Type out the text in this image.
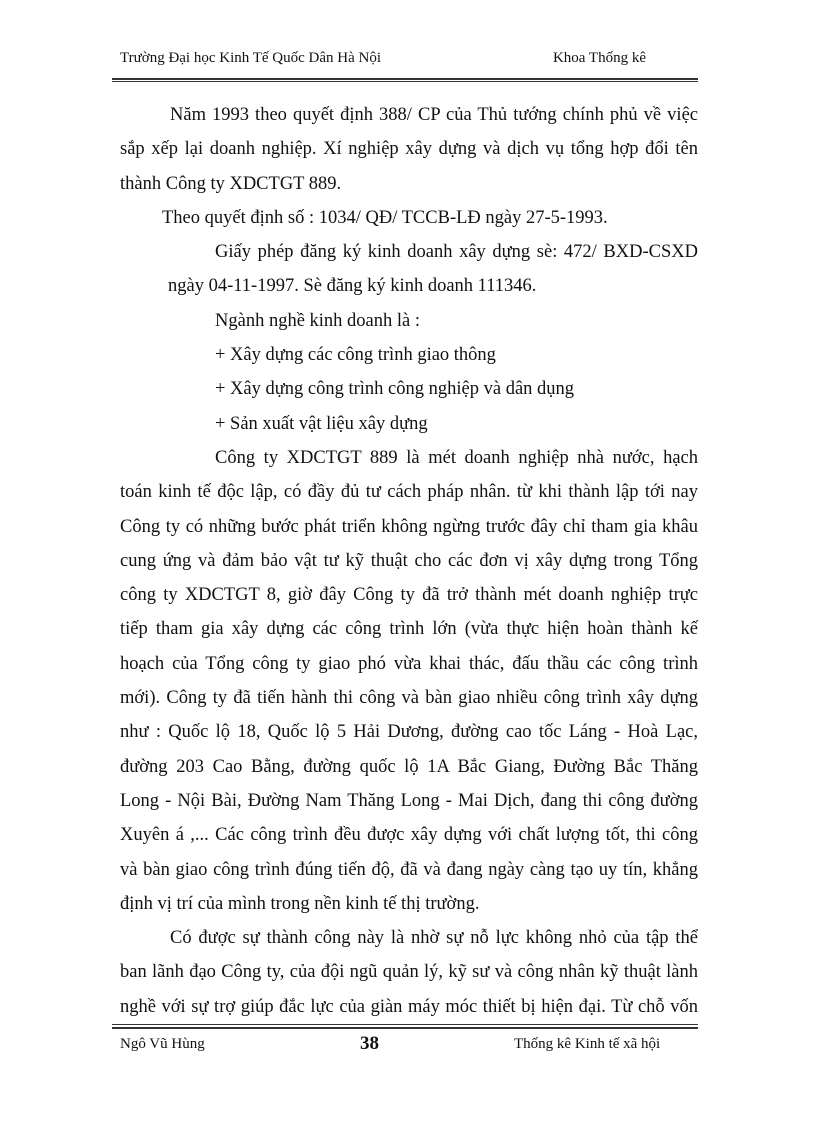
Trường Đại học Kinh Tế Quốc Dân Hà Nội	Khoa Thống kê

Năm 1993 theo quyết định 388/ CP của Thủ tướng chính phủ về việc

sắp xếp lại doanh nghiệp. Xí nghiệp xây dựng và dịch vụ tổng hợp đổi tên

thành Công ty XDCTGT 889.

Theo quyết định số : 1034/ QĐ/ TCCB-LĐ ngày 27-5-1993.

Giấy phép đăng ký kinh doanh xây dựng sè: 472/ BXD-CSXD

ngày 04-11-1997. Sè đăng ký kinh doanh 111346.

Ngành nghề kinh doanh là :

+ Xây dựng các công trình giao thông

+ Xây dựng công trình công nghiệp và dân dụng

+ Sản xuất vật liệu xây dựng

Công ty XDCTGT 889 là mét doanh nghiệp nhà nước, hạch

toán kinh tế độc lập, có đầy đủ tư cách pháp nhân. từ khi thành lập tới nay

Công ty có những bước phát triển không ngừng trước đây chỉ tham gia khâu

cung ứng và đảm bảo vật tư kỹ thuật cho các đơn vị xây dựng trong Tổng

công ty XDCTGT 8, giờ đây Công ty đã trở thành mét doanh nghiệp trực

tiếp tham gia xây dựng các công trình lớn (vừa thực hiện hoàn thành kế

hoạch của Tổng công ty giao phó vừa khai thác, đấu thầu các công trình

mới). Công ty đã tiến hành thi công và bàn giao nhiều công trình xây dựng

như : Quốc lộ 18, Quốc lộ 5 Hải Dương, đường cao tốc Láng - Hoà Lạc,

đường 203 Cao Bằng, đường quốc lộ 1A Bắc Giang, Đường Bắc Thăng

Long - Nội Bài, Đường Nam Thăng Long - Mai Dịch, đang thi công đường

Xuyên á ,... Các công trình đều được xây dựng với chất lượng tốt, thi công

và bàn giao công trình đúng tiến độ, đã và đang ngày càng tạo uy tín, khẳng

định vị trí của mình trong nền kinh tế thị trường.

Có được sự thành công này là nhờ sự nỗ lực không nhỏ của tập thể

ban lãnh đạo Công ty, của đội ngũ quản lý, kỹ sư và công nhân kỹ thuật lành

nghề với sự trợ giúp đắc lực của giàn máy móc thiết bị hiện đại. Từ chỗ vốn

Ngô Vũ Hùng	38	Thống kê Kinh tế xã hội
